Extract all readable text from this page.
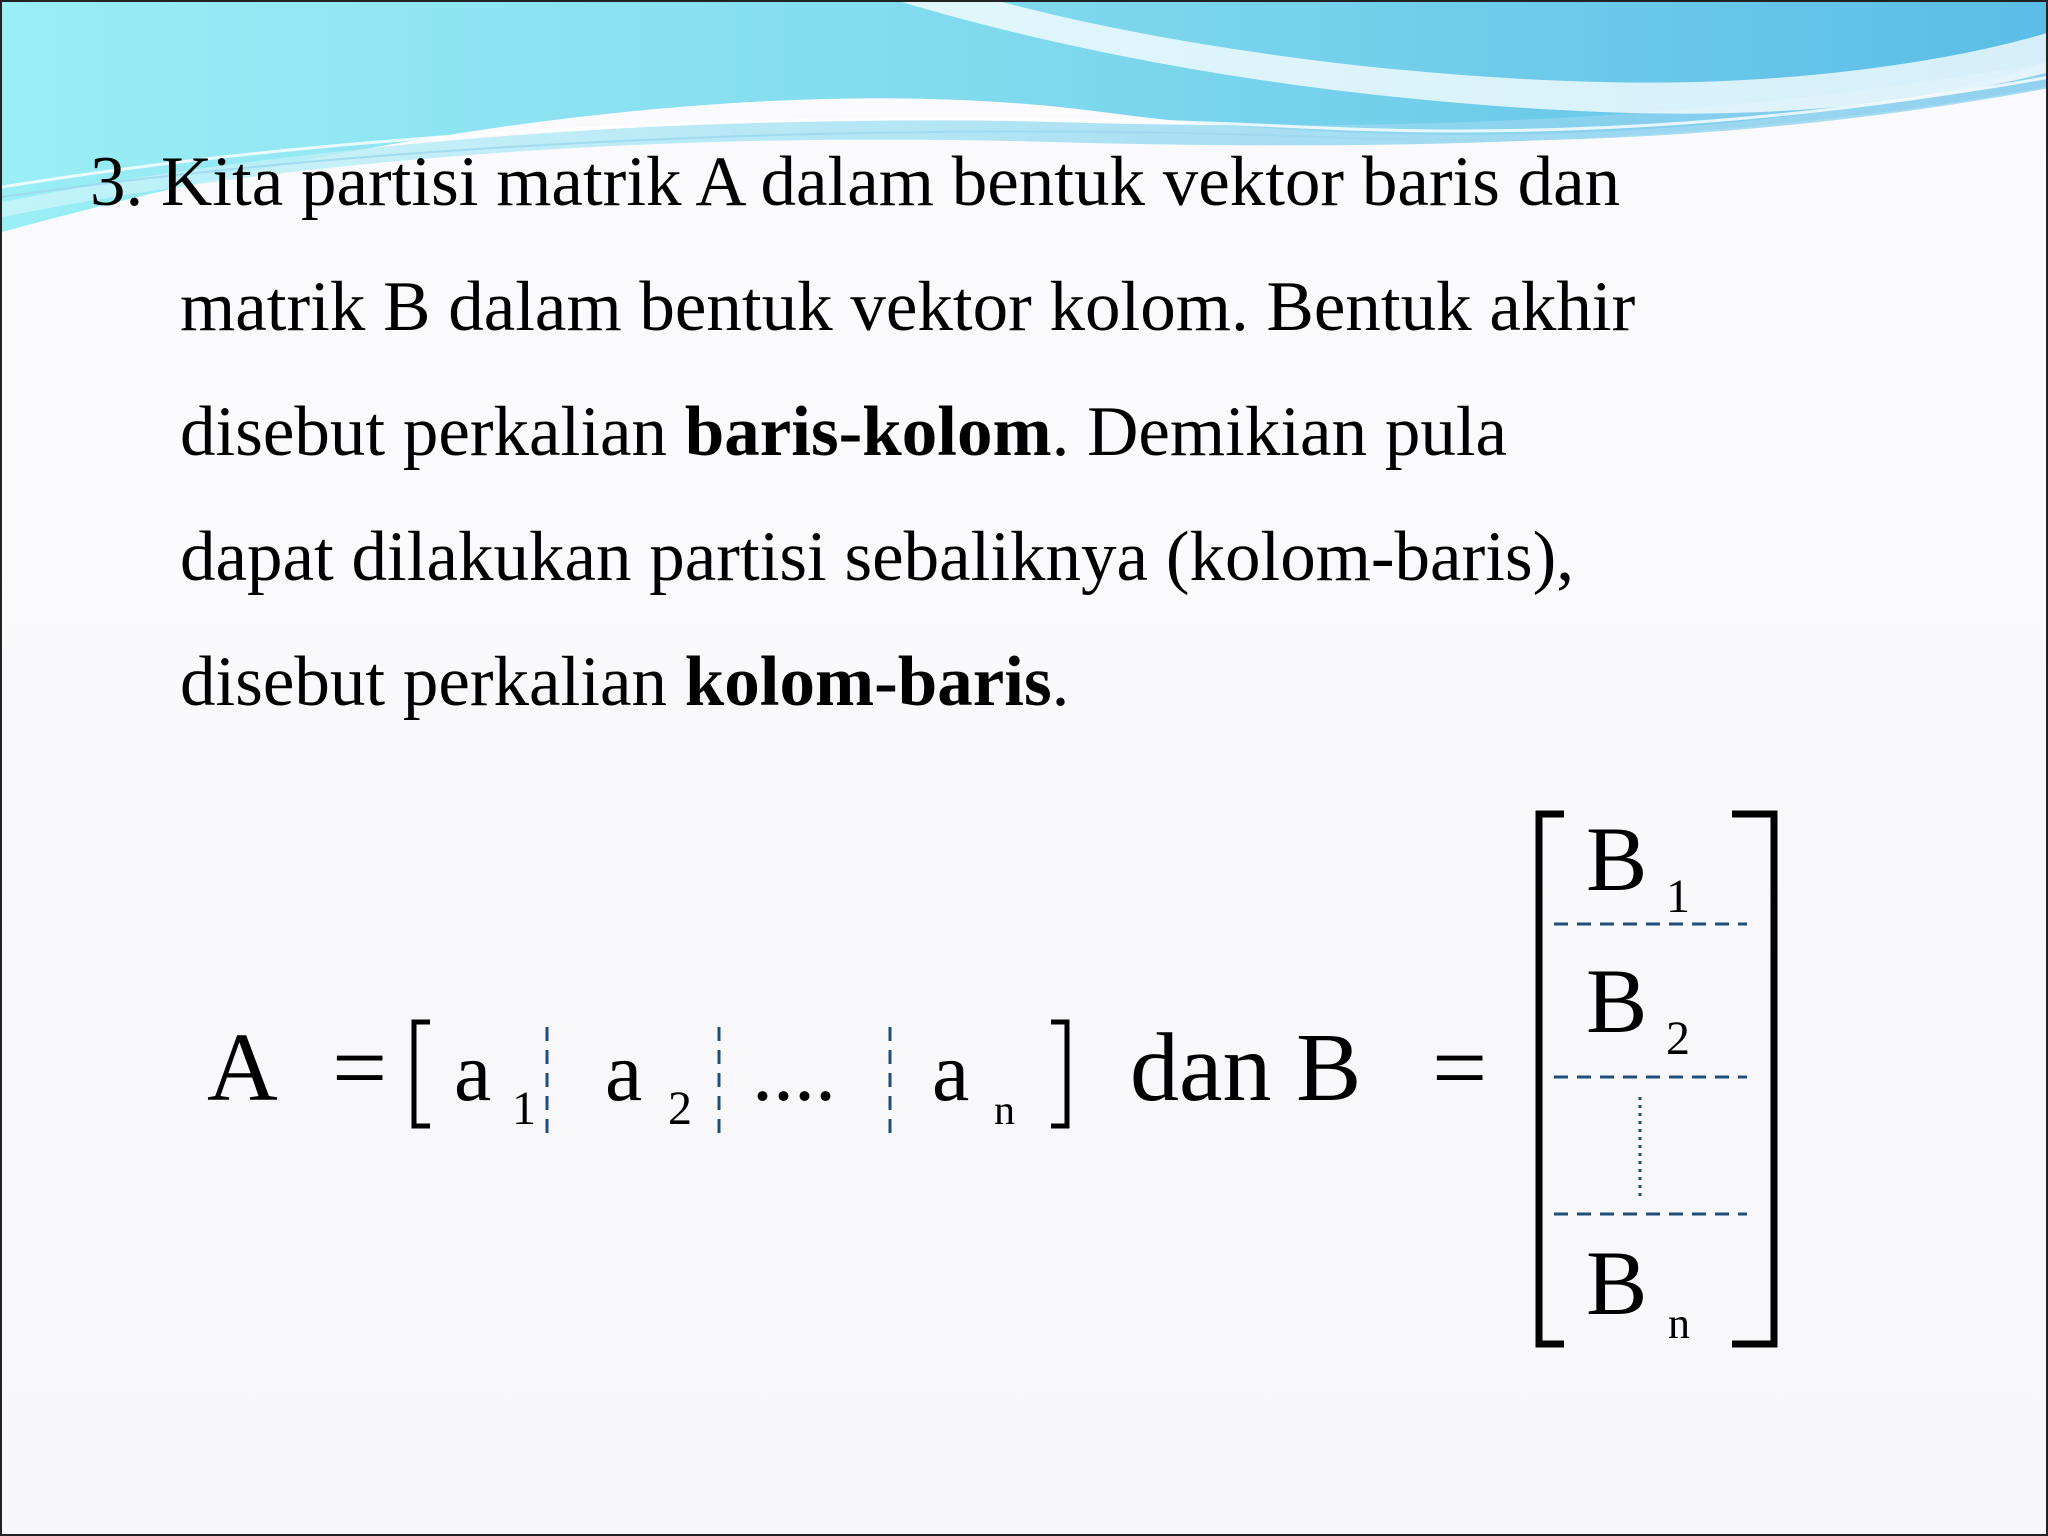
3. Kita partisi matrik A dalam bentuk vektor baris dan
matrik B dalam bentuk vektor kolom. Bentuk akhir
disebut perkalian baris-kolom. Demikian pula
dapat dilakukan partisi sebaliknya (kolom-baris),
disebut perkalian kolom-baris.

A = a 1 a 2 .... a n dan B =
B 1
B 2
B n
